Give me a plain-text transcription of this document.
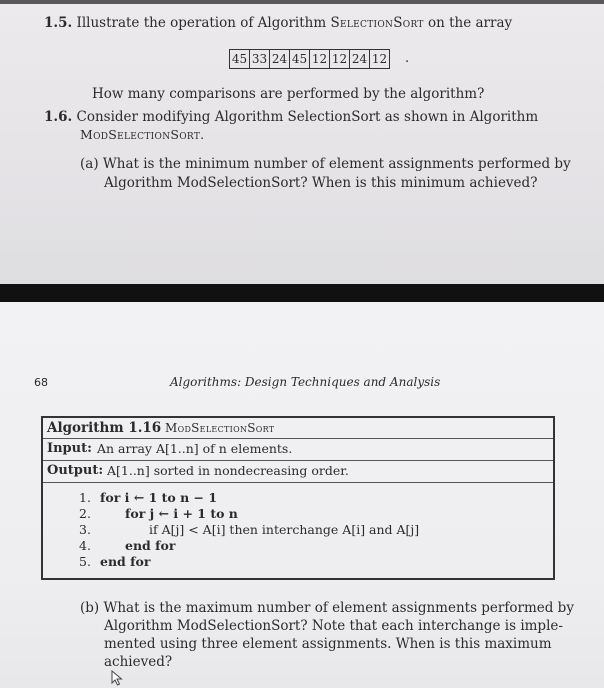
1.5. Illustrate the operation of Algorithm SelectionSort on the array
45 33 24 45 12 12 24 12 .
How many comparisons are performed by the algorithm?
1.6. Consider modifying Algorithm SelectionSort as shown in Algorithm
ModSelectionSort.
(a) What is the minimum number of element assignments performed by
Algorithm ModSelectionSort? When is this minimum achieved?
68	Algorithms: Design Techniques and Analysis
Algorithm 1.16 ModSelectionSort
Input: An array A[1..n] of n elements.
Output: A[1..n] sorted in nondecreasing order.
1. for i ← 1 to n − 1
2.	for j ← i + 1 to n
3.	if A[j] < A[i] then interchange A[i] and A[j]
4.	end for
5. end for
(b) What is the maximum number of element assignments performed by
Algorithm ModSelectionSort? Note that each interchange is imple-
mented using three element assignments. When is this maximum
achieved?
